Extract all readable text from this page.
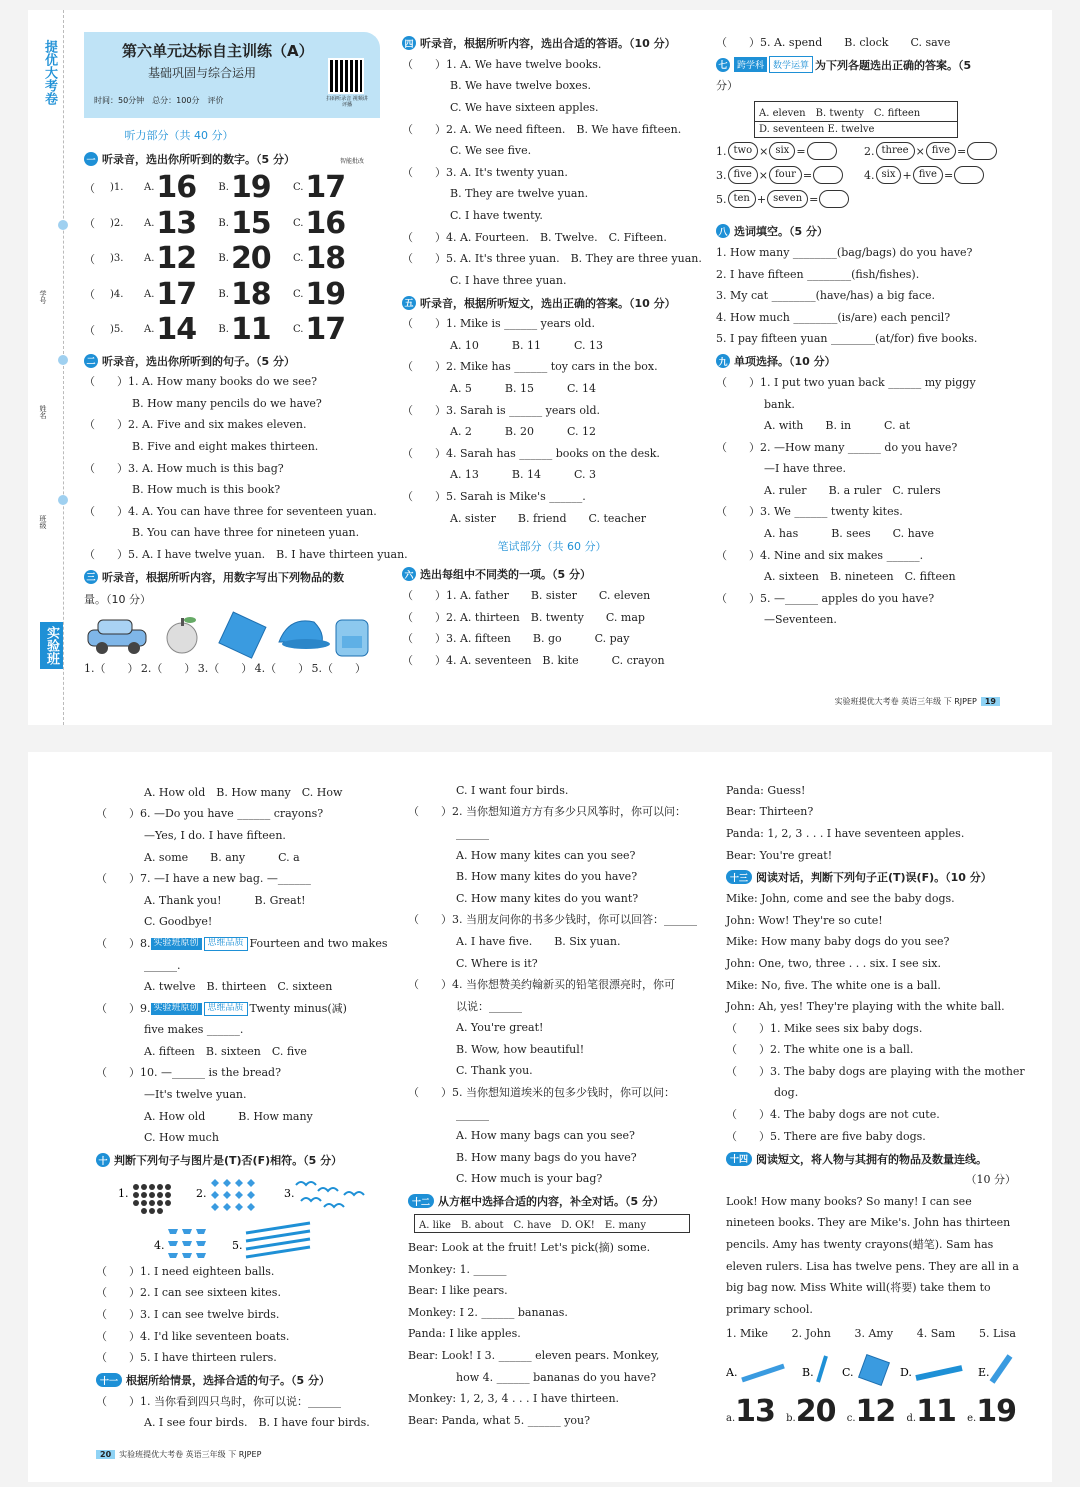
提优大考卷
学号
姓名
班级
实验班
第六单元达标自主训练（A）
基础巩固与综合运用
时间：50分钟　总分：100分　评价	扫码听录音 视频讲评播
听力部分（共 40 分）
智能批改
一 听录音，选出你所听到的数字。（5 分）
（	)1.	A. 16	B. 19	C. 17
（	)2.	A. 13	B. 15	C. 16
（	)3.	A. 12	B. 20	C. 18
（	)4.	A. 17	B. 18	C. 19
（	)5.	A. 14	B. 11	C. 17
二 听录音，选出你所听到的句子。（5 分）
（　　）1. A. How many books do we see?
B. How many pencils do we have?
（　　）2. A. Five and six makes eleven.
B. Five and eight makes thirteen.
（　　）3. A. How much is this bag?
B. How much is this book?
（　　）4. A. You can have three for seventeen yuan.
B. You can have three for nineteen yuan.
（　　）5. A. I have twelve yuan.　B. I have thirteen yuan.
三 听录音，根据所听内容，用数字写出下列物品的数
量。（10 分）
1.（　　） 2.（　　） 3.（　　） 4.（　　） 5.（　　）
四 听录音，根据所听内容，选出合适的答语。（10 分）
（　　）1. A. We have twelve books.
B. We have twelve boxes.
C. We have sixteen apples.
（　　）2. A. We need fifteen.　B. We have fifteen.
C. We see five.
（　　）3. A. It's twenty yuan.
B. They are twelve yuan.
C. I have twenty.
（　　）4. A. Fourteen.　B. Twelve.　C. Fifteen.
（　　）5. A. It's three yuan.　B. They are three yuan.
C. I have three yuan.
五 听录音，根据所听短文，选出正确的答案。（10 分）
（　　）1. Mike is ______ years old.
A. 10　　　B. 11　　　C. 13
（　　）2. Mike has ______ toy cars in the box.
A. 5　　　B. 15　　　C. 14
（　　）3. Sarah is ______ years old.
A. 2　　　B. 20　　　C. 12
（　　）4. Sarah has ______ books on the desk.
A. 13　　　B. 14　　　C. 3
（　　）5. Sarah is Mike's ______.
A. sister　　B. friend　　C. teacher
笔试部分（共 60 分）
六 选出每组中不同类的一项。（5 分）
（　　）1. A. father　　B. sister　　C. eleven
（　　）2. A. thirteen　B. twenty　　C. map
（　　）3. A. fifteen　　B. go　　　C. pay
（　　）4. A. seventeen　B. kite　　　C. crayon
（　　）5. A. spend　　B. clock　　C. save
七	跨学科	数学运算 为下列各题选出正确的答案。（5
分）
A. eleven　B. twenty　C. fifteen
D. seventeen E. twelve
1. two × six =	2. three × five =
3. five × four =	4. six + five =
5. ten + seven =
八 选词填空。（5 分）
1. How many ________(bag/bags) do you have?
2. I have fifteen ________(fish/fishes).
3. My cat ________(have/has) a big face.
4. How much ________(is/are) each pencil?
5. I pay fifteen yuan ________(at/for) five books.
九 单项选择。（10 分）
（　　）1. I put two yuan back ______ my piggy
bank.
A. with　　B. in　　　C. at
（　　）2. —How many ______ do you have?
—I have three.
A. ruler　　B. a ruler　C. rulers
（　　）3. We ______ twenty kites.
A. has　　　B. sees　　C. have
（　　）4. Nine and six makes ______.
A. sixteen　B. nineteen　C. fifteen
（　　）5. —______ apples do you have?
—Seventeen.
实验班提优大考卷 英语三年级 下 RJPEP 19
A. How old　B. How many　C. How
（　　）6. —Do you have ______ crayons?
—Yes, I do. I have fifteen.
A. some　　B. any　　　C. a
（　　）7. —I have a new bag. —______
A. Thank you!　　　B. Great!
C. Goodbye!
（　　）8. 实验班原创	思维品质 Fourteen and two makes
______.
A. twelve　B. thirteen　C. sixteen
（　　）9. 实验班原创	思维品质 Twenty minus(减)
five makes ______.
A. fifteen　B. sixteen　C. five
（　　）10. —______ is the bread?
—It's twelve yuan.
A. How old　　　B. How many
C. How much
十 判断下列句子与图片是(T)否(F)相符。（5 分）
1.	2.	3.
4.	5.
（　　）1. I need eighteen balls.
（　　）2. I can see sixteen kites.
（　　）3. I can see twelve birds.
（　　）4. I'd like seventeen boats.
（　　）5. I have thirteen rulers.
十一 根据所给情景，选择合适的句子。（5 分）
（　　）1. 当你看到四只鸟时，你可以说：______
A. I see four birds.　B. I have four birds.
C. I want four birds.
（　　）2. 当你想知道方方有多少只风筝时，你可以问：
______
A. How many kites can you see?
B. How many kites do you have?
C. How many kites do you want?
（　　）3. 当朋友问你的书多少钱时，你可以回答：______
A. I have five.　　B. Six yuan.
C. Where is it?
（　　）4. 当你想赞美约翰新买的铅笔很漂亮时，你可
以说：______
A. You're great!
B. Wow, how beautiful!
C. Thank you.
（　　）5. 当你想知道埃米的包多少钱时，你可以问：
______
A. How many bags can you see?
B. How many bags do you have?
C. How much is your bag?
十二 从方框中选择合适的内容，补全对话。（5 分）
A. like　B. about　C. have　D. OK!　E. many
Bear: Look at the fruit! Let's pick(摘) some.
Monkey: 1. ______
Bear: I like pears.
Monkey: I 2. ______ bananas.
Panda: I like apples.
Bear: Look! I 3. ______ eleven pears. Monkey,
how 4. ______ bananas do you have?
Monkey: 1, 2, 3, 4 . . . I have thirteen.
Bear: Panda, what 5. ______ you?
Panda: Guess!
Bear: Thirteen?
Panda: 1, 2, 3 . . . I have seventeen apples.
Bear: You're great!
十三 阅读对话，判断下列句子正(T)误(F)。（10 分）
Mike: John, come and see the baby dogs.
John: Wow! They're so cute!
Mike: How many baby dogs do you see?
John: One, two, three . . . six. I see six.
Mike: No, five. The white one is a ball.
John: Ah, yes! They're playing with the white ball.
（　　）1. Mike sees six baby dogs.
（　　）2. The white one is a ball.
（　　）3. The baby dogs are playing with the mother
dog.
（　　）4. The baby dogs are not cute.
（　　）5. There are five baby dogs.
十四 阅读短文，将人物与其拥有的物品及数量连线。
（10 分）
Look! How many books? So many! I can see
nineteen books. They are Mike's. John has thirteen
pencils. Amy has twenty crayons(蜡笔). Sam has
eleven rulers. Lisa has twelve pens. They are all in a
big bag now. Miss White will(将要) take them to
primary school.
1. Mike 2. John 3. Amy 4. Sam 5. Lisa
A.	B.	C.	D.	E.
a.13 b.20 c.12 d.11 e.19
20 实验班提优大考卷 英语三年级 下 RJPEP
